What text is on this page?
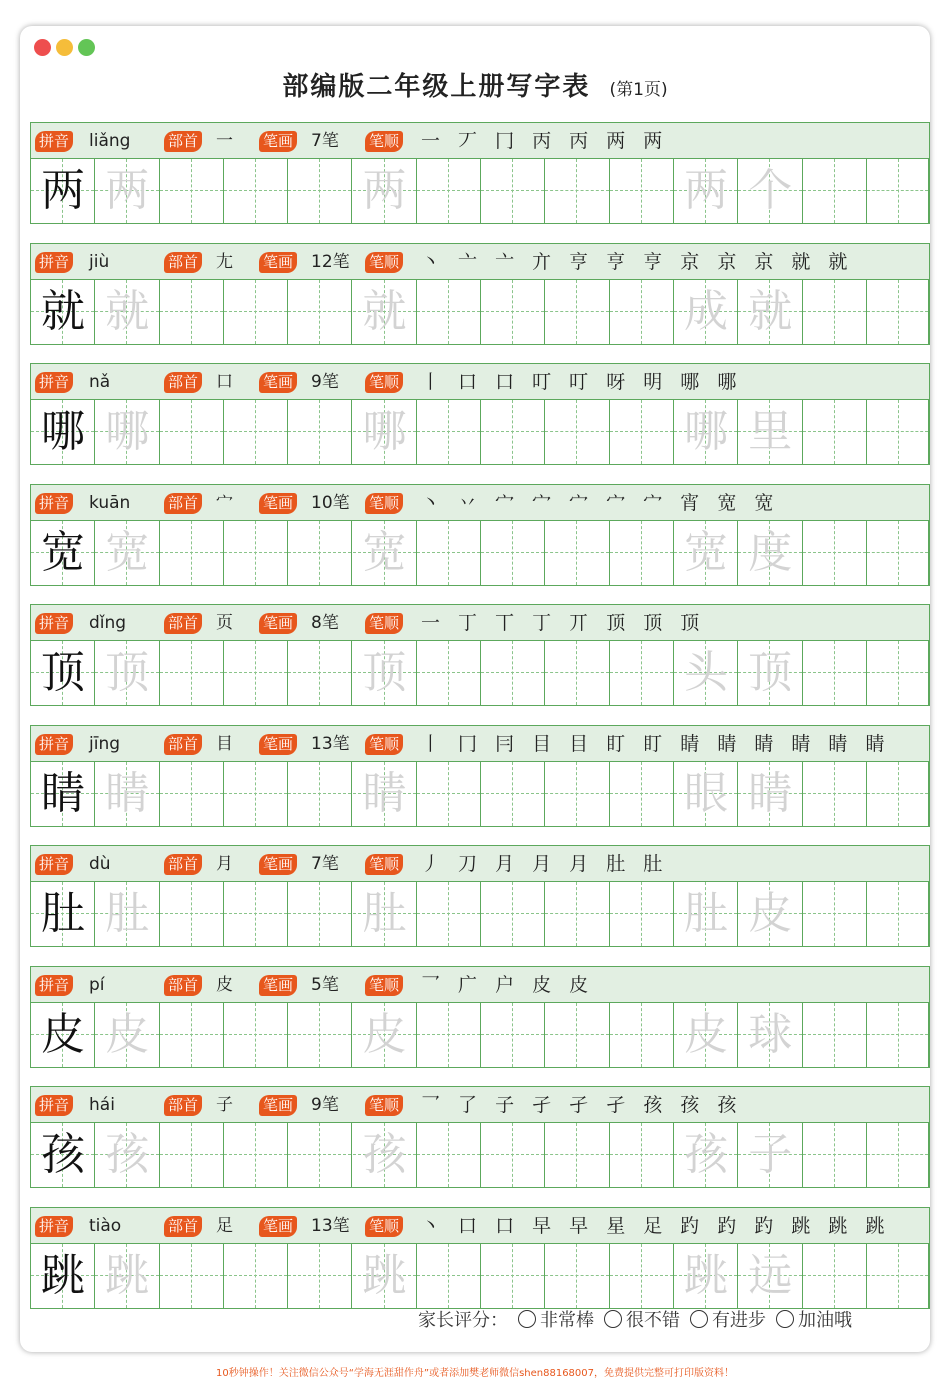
部编版二年级上册写字表 (第1页)
拼音 liǎng	部首 一 笔画 7笔 笔顺 一 丆 冂 丙 丙 两 两
两 两	两	两 个
拼音 jiù	部首 尢 笔画 12笔 笔顺 丶 亠 亠 亣 亨 亨 亨 京 京 京 就 就
就 就	就	成 就
拼音 nǎ	部首 口 笔画 9笔 笔顺 丨 口 口 叮 叮 呀 明 哪 哪
哪 哪	哪	哪 里
拼音 kuān	部首 宀 笔画 10笔 笔顺 丶 丷 宀 宀 宀 宀 宀 宵 宽 宽
宽 宽	宽	宽 度
拼音 dǐng	部首 页 笔画 8笔 笔顺 一 丁 丅 丁 丌 顶 顶 顶
顶 顶	顶	头 顶
拼音 jīng	部首 目 笔画 13笔 笔顺 丨 冂 冃 目 目 盯 盯 睛 睛 睛 睛 睛 睛
睛 睛	睛	眼 睛
拼音 dù	部首 月 笔画 7笔 笔顺 丿 刀 月 月 月 肚 肚
肚 肚	肚	肚 皮
拼音 pí	部首 皮 笔画 5笔 笔顺 乛 广 户 皮 皮
皮 皮	皮	皮 球
拼音 hái	部首 子 笔画 9笔 笔顺 乛 了 子 孑 孑 孑 孩 孩 孩
孩 孩	孩	孩 子
拼音 tiào	部首 足 笔画 13笔 笔顺 丶 口 口 早 早 星 足 趵 趵 趵 跳 跳 跳
跳 跳	跳	跳 远
家长评分： 非常棒 很不错 有进步 加油哦
10秒钟操作！关注微信公众号“学海无涯甜作舟”或者添加樊老师微信shen88168007，免费提供完整可打印版资料！
